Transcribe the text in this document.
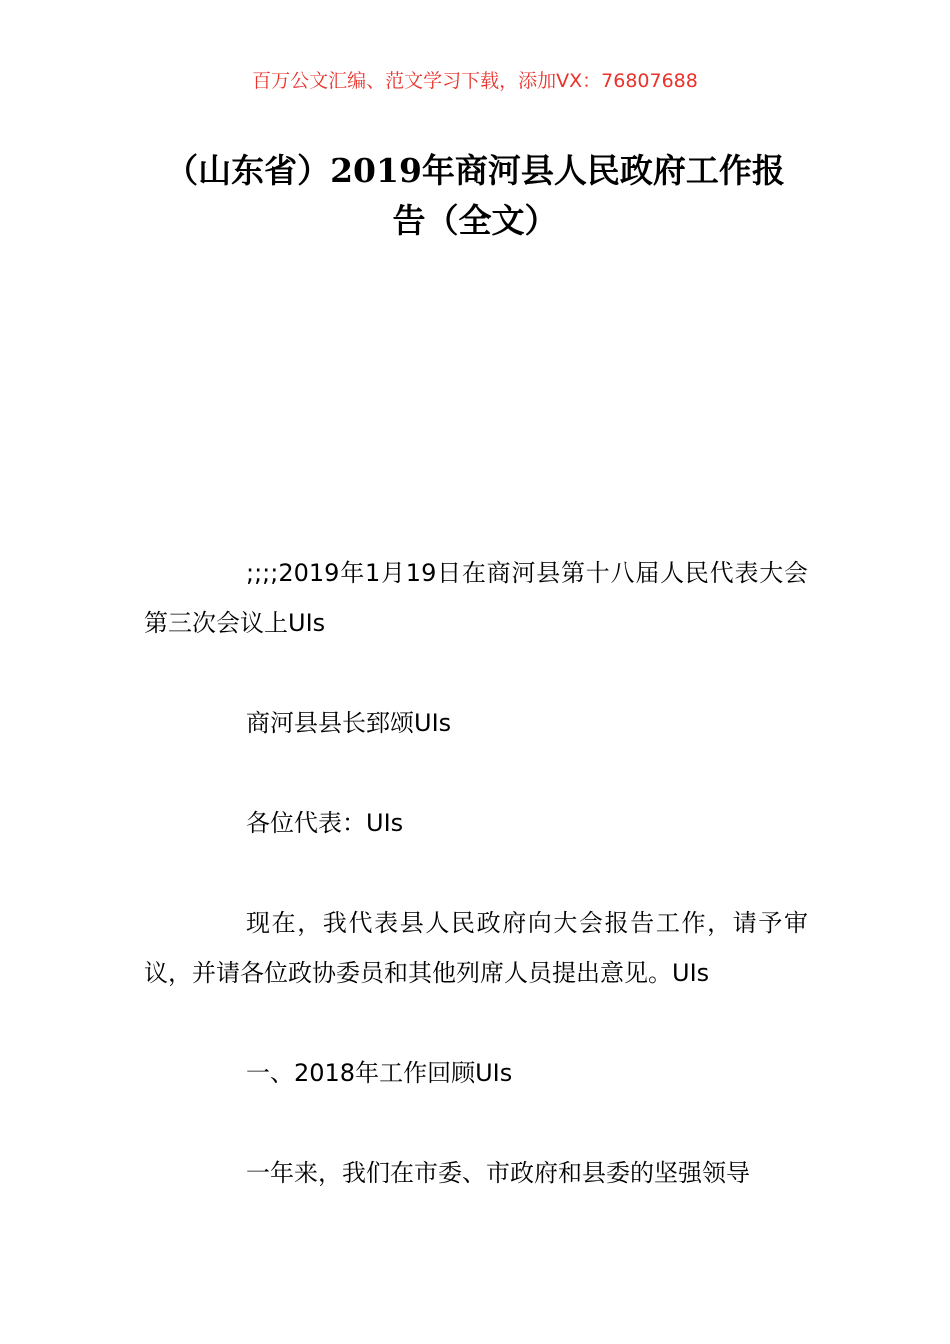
百万公文汇编、范文学习下载，添加VX：76807688
（山东省）2019年商河县人民政府工作报
告（全文）

;;;;2019年1月19日在商河县第十八届人民代表大会第三次会议上UIs

商河县县长郅颂UIs

各位代表：UIs

现在，我代表县人民政府向大会报告工作，请予审议，并请各位政协委员和其他列席人员提出意见。UIs

一、2018年工作回顾UIs

一年来，我们在市委、市政府和县委的坚强领导
